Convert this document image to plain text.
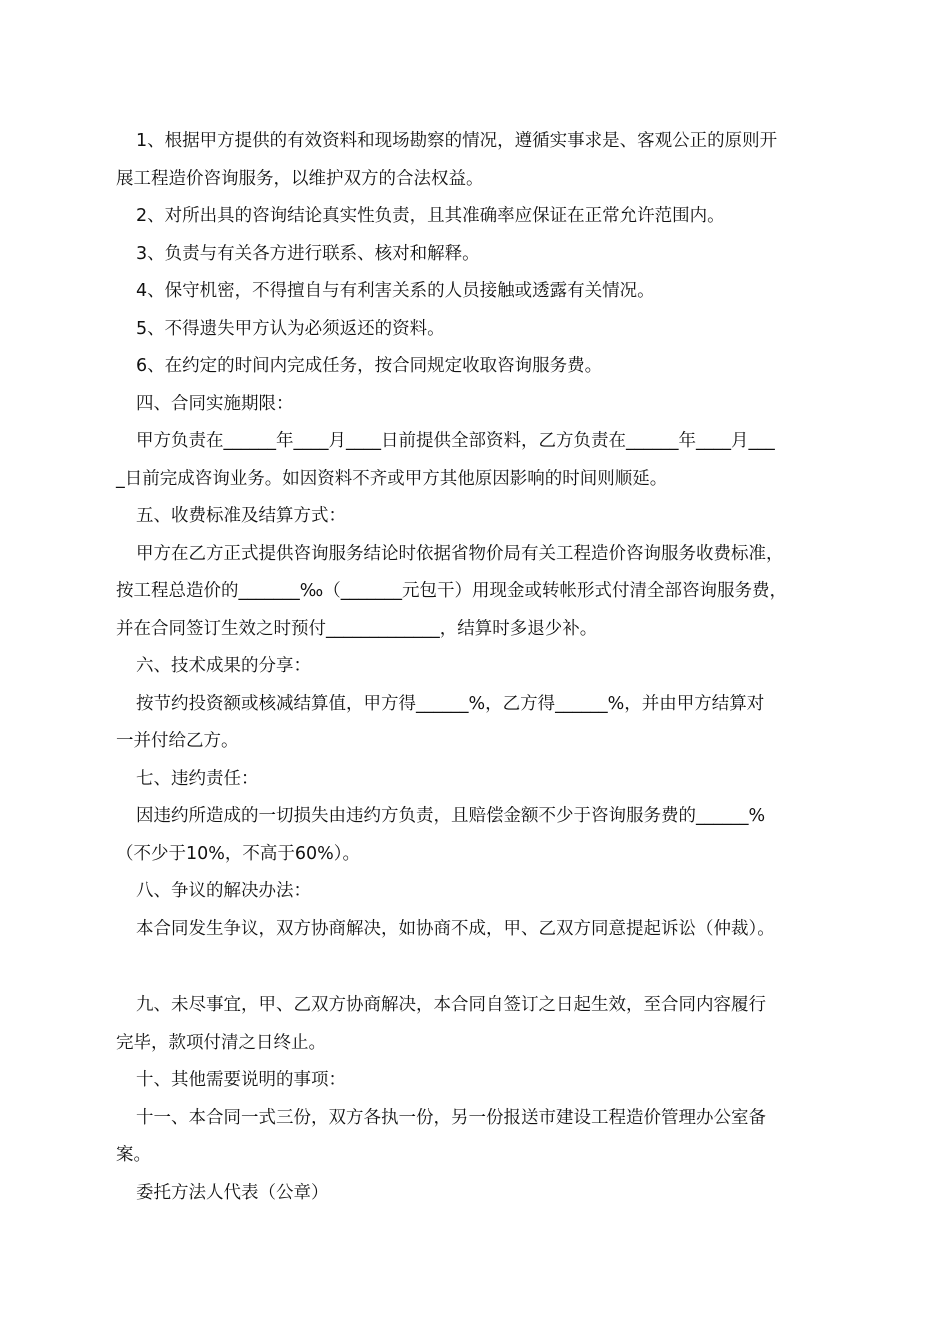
1、根据甲方提供的有效资料和现场勘察的情况，遵循实事求是、客观公正的原则开
展工程造价咨询服务，以维护双方的合法权益。
2、对所出具的咨询结论真实性负责，且其准确率应保证在正常允许范围内。
3、负责与有关各方进行联系、核对和解释。
4、保守机密，不得擅自与有利害关系的人员接触或透露有关情况。
5、不得遗失甲方认为必须返还的资料。
6、在约定的时间内完成任务，按合同规定收取咨询服务费。
四、合同实施期限：
甲方负责在______年____月____日前提供全部资料，乙方负责在______年____月___
_日前完成咨询业务。如因资料不齐或甲方其他原因影响的时间则顺延。
五、收费标准及结算方式：
甲方在乙方正式提供咨询服务结论时依据省物价局有关工程造价咨询服务收费标准，
按工程总造价的_______‰（_______元包干）用现金或转帐形式付清全部咨询服务费，
并在合同签订生效之时预付_____________，结算时多退少补。
六、技术成果的分享：
按节约投资额或核减结算值，甲方得______%，乙方得______%，并由甲方结算对
一并付给乙方。
七、违约责任：
因违约所造成的一切损失由违约方负责，且赔偿金额不少于咨询服务费的______%
（不少于10%，不高于60%）。
八、争议的解决办法：
本合同发生争议，双方协商解决，如协商不成，甲、乙双方同意提起诉讼（仲裁）。
九、未尽事宜，甲、乙双方协商解决，本合同自签订之日起生效，至合同内容履行
完毕，款项付清之日终止。
十、其他需要说明的事项：
十一、本合同一式三份，双方各执一份，另一份报送市建设工程造价管理办公室备
案。
委托方法人代表（公章）
